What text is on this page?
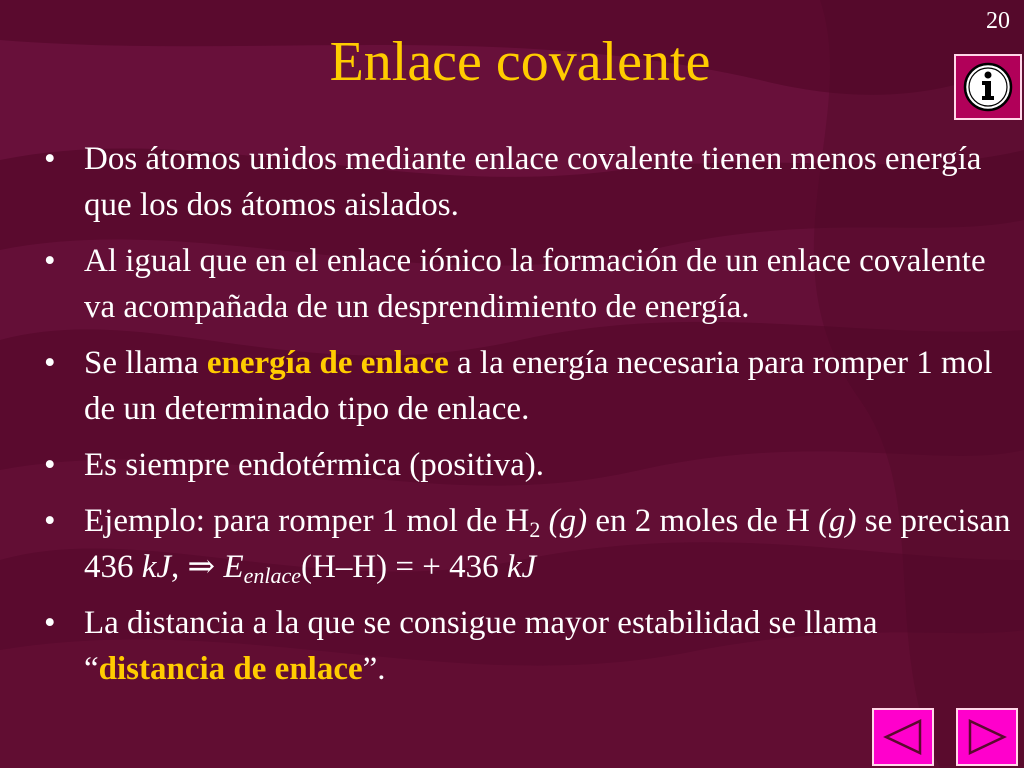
20
Enlace covalente
• Dos átomos unidos mediante enlace covalente tienen menos energía que los dos átomos aislados.
• Al igual que en el enlace iónico la formación de un enlace covalente va acompañada de un desprendimiento de energía.
• Se llama energía de enlace a la energía necesaria para romper 1 mol de un determinado tipo de enlace.
• Es siempre endotérmica (positiva).
• Ejemplo: para romper 1 mol de $H_2$ (g) en 2 moles de H (g) se precisan 436 kJ, ⇒ $E_{enlace}(H-H)$ = + 436 kJ
• La distancia a la que se consigue mayor estabilidad se llama “distancia de enlace”.
